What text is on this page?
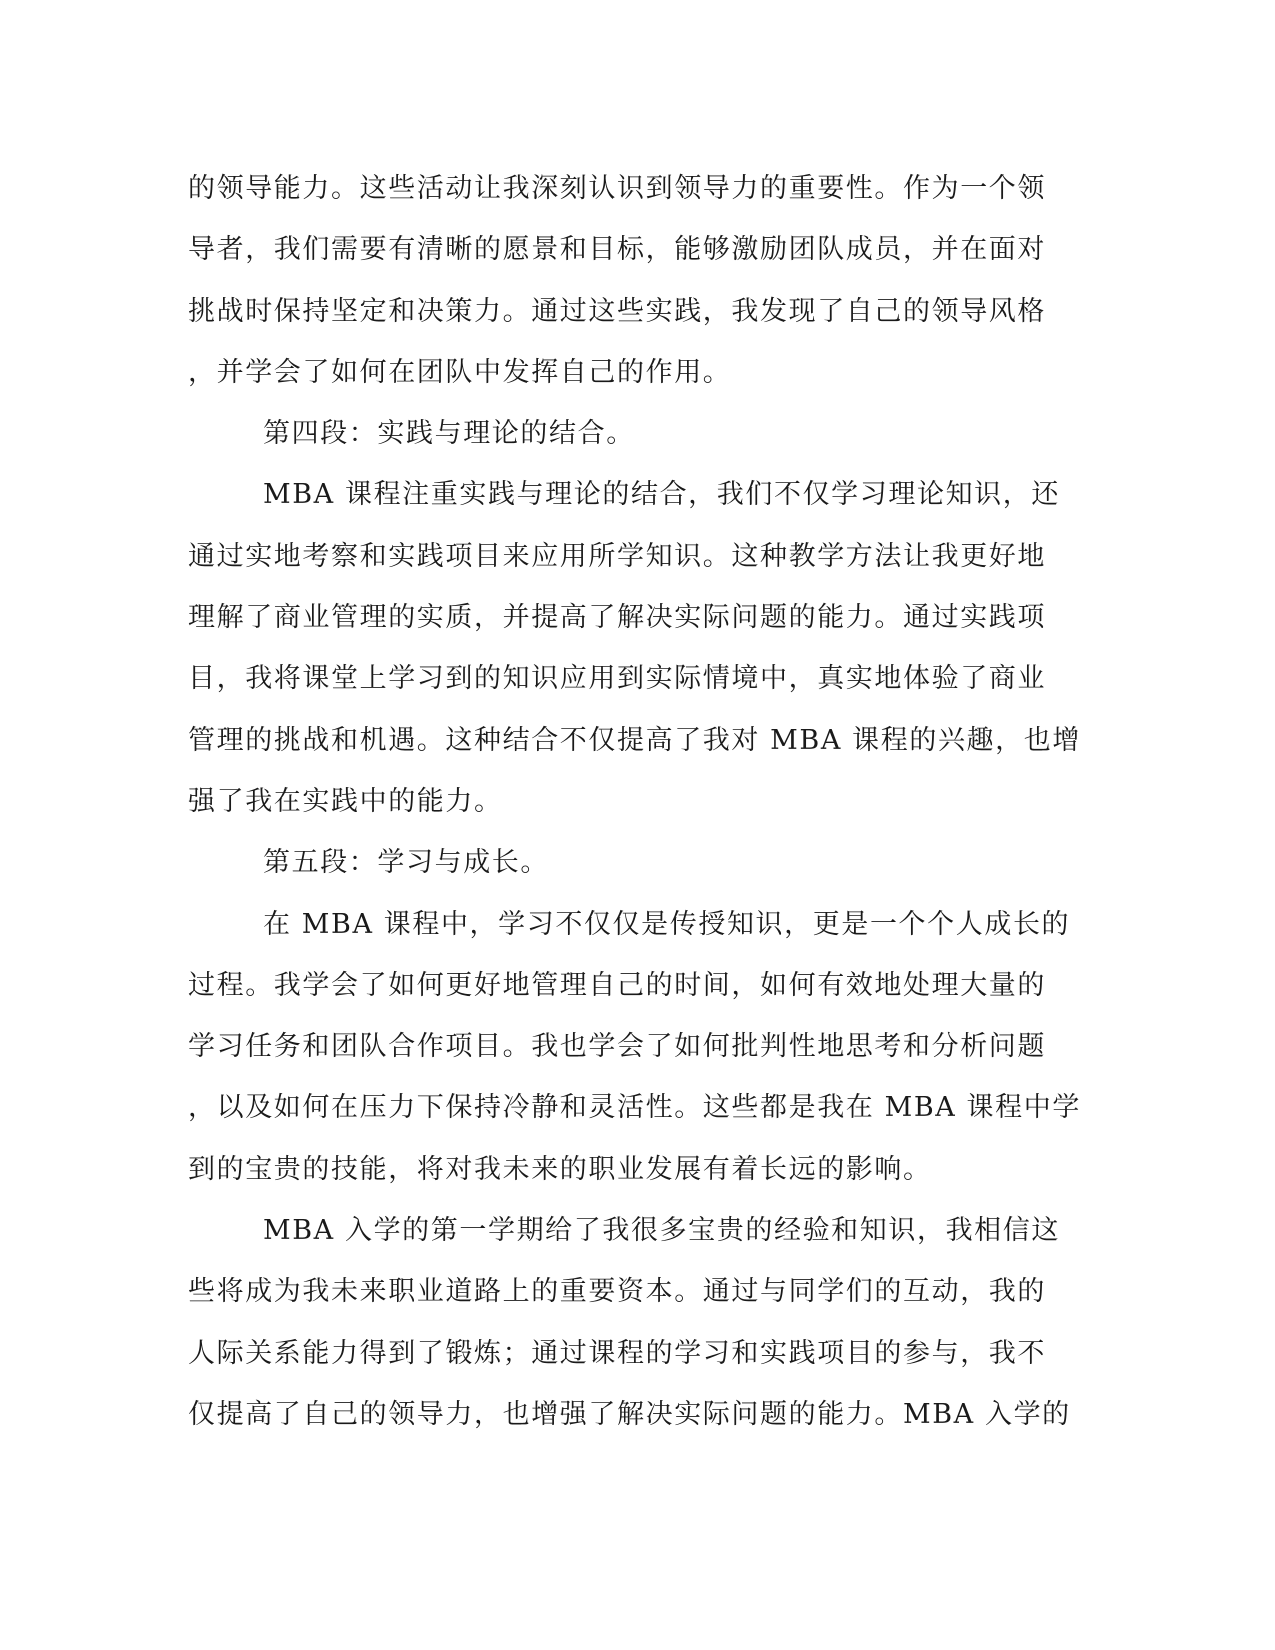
的领导能力。这些活动让我深刻认识到领导力的重要性。作为一个领
导者，我们需要有清晰的愿景和目标，能够激励团队成员，并在面对
挑战时保持坚定和决策力。通过这些实践，我发现了自己的领导风格
，并学会了如何在团队中发挥自己的作用。
第四段：实践与理论的结合。
MBA 课程注重实践与理论的结合，我们不仅学习理论知识，还
通过实地考察和实践项目来应用所学知识。这种教学方法让我更好地
理解了商业管理的实质，并提高了解决实际问题的能力。通过实践项
目，我将课堂上学习到的知识应用到实际情境中，真实地体验了商业
管理的挑战和机遇。这种结合不仅提高了我对 MBA 课程的兴趣，也增
强了我在实践中的能力。
第五段：学习与成长。
在 MBA 课程中，学习不仅仅是传授知识，更是一个个人成长的
过程。我学会了如何更好地管理自己的时间，如何有效地处理大量的
学习任务和团队合作项目。我也学会了如何批判性地思考和分析问题
，以及如何在压力下保持冷静和灵活性。这些都是我在 MBA 课程中学
到的宝贵的技能，将对我未来的职业发展有着长远的影响。
MBA 入学的第一学期给了我很多宝贵的经验和知识，我相信这
些将成为我未来职业道路上的重要资本。通过与同学们的互动，我的
人际关系能力得到了锻炼；通过课程的学习和实践项目的参与，我不
仅提高了自己的领导力，也增强了解决实际问题的能力。MBA 入学的
